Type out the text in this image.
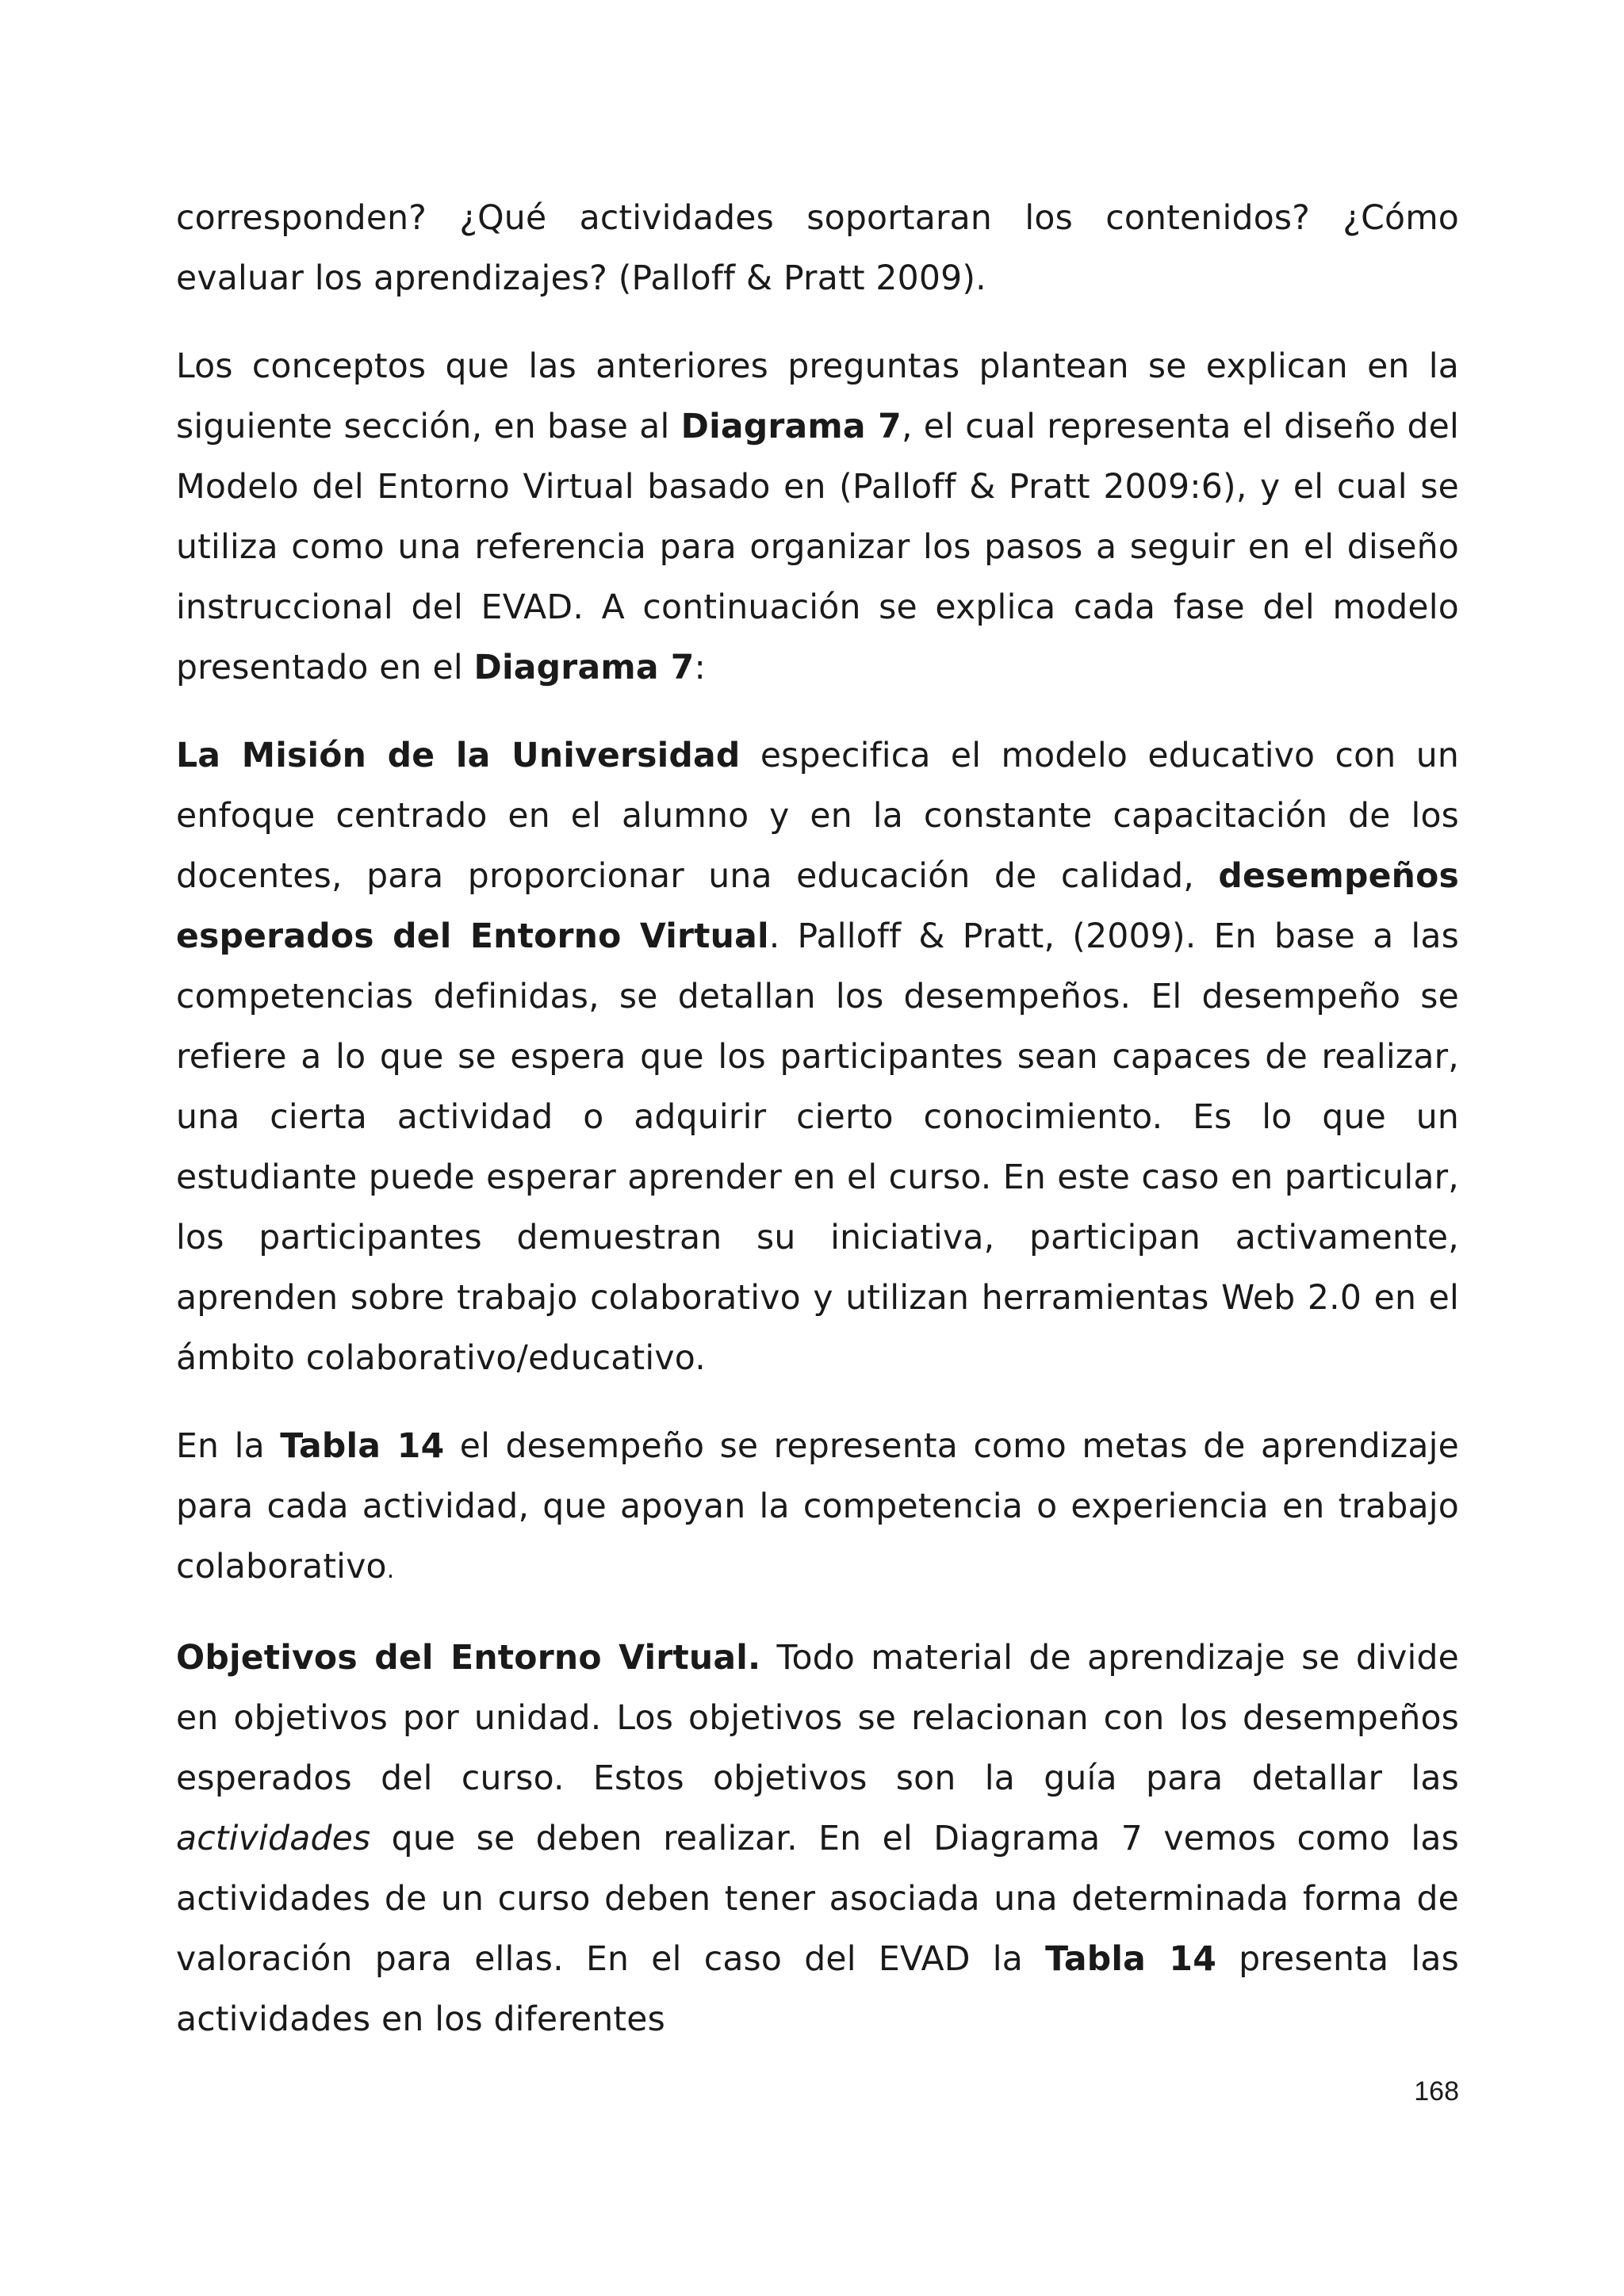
corresponden? ¿Qué actividades soportaran los contenidos? ¿Cómo evaluar los aprendizajes? (Palloff & Pratt 2009).

Los conceptos que las anteriores preguntas plantean se explican en la siguiente sección, en base al Diagrama 7, el cual representa el diseño del Modelo del Entorno Virtual basado en (Palloff & Pratt 2009:6), y el cual se utiliza como una referencia para organizar los pasos a seguir en el diseño instruccional del EVAD. A continuación se explica cada fase del modelo presentado en el Diagrama 7:

La Misión de la Universidad especifica el modelo educativo con un enfoque centrado en el alumno y en la constante capacitación de los docentes, para proporcionar una educación de calidad, desempeños esperados del Entorno Virtual. Palloff & Pratt, (2009). En base a las competencias definidas, se detallan los desempeños. El desempeño se refiere a lo que se espera que los participantes sean capaces de realizar, una cierta actividad o adquirir cierto conocimiento. Es lo que un estudiante puede esperar aprender en el curso. En este caso en particular, los participantes demuestran su iniciativa, participan activamente, aprenden sobre trabajo colaborativo y utilizan herramientas Web 2.0 en el ámbito colaborativo/educativo.

En la Tabla 14 el desempeño se representa como metas de aprendizaje para cada actividad, que apoyan la competencia o experiencia en trabajo colaborativo.

Objetivos del Entorno Virtual. Todo material de aprendizaje se divide en objetivos por unidad. Los objetivos se relacionan con los desempeños esperados del curso. Estos objetivos son la guía para detallar las actividades que se deben realizar. En el Diagrama 7 vemos como las actividades de un curso deben tener asociada una determinada forma de valoración para ellas. En el caso del EVAD la Tabla 14 presenta las actividades en los diferentes

168
